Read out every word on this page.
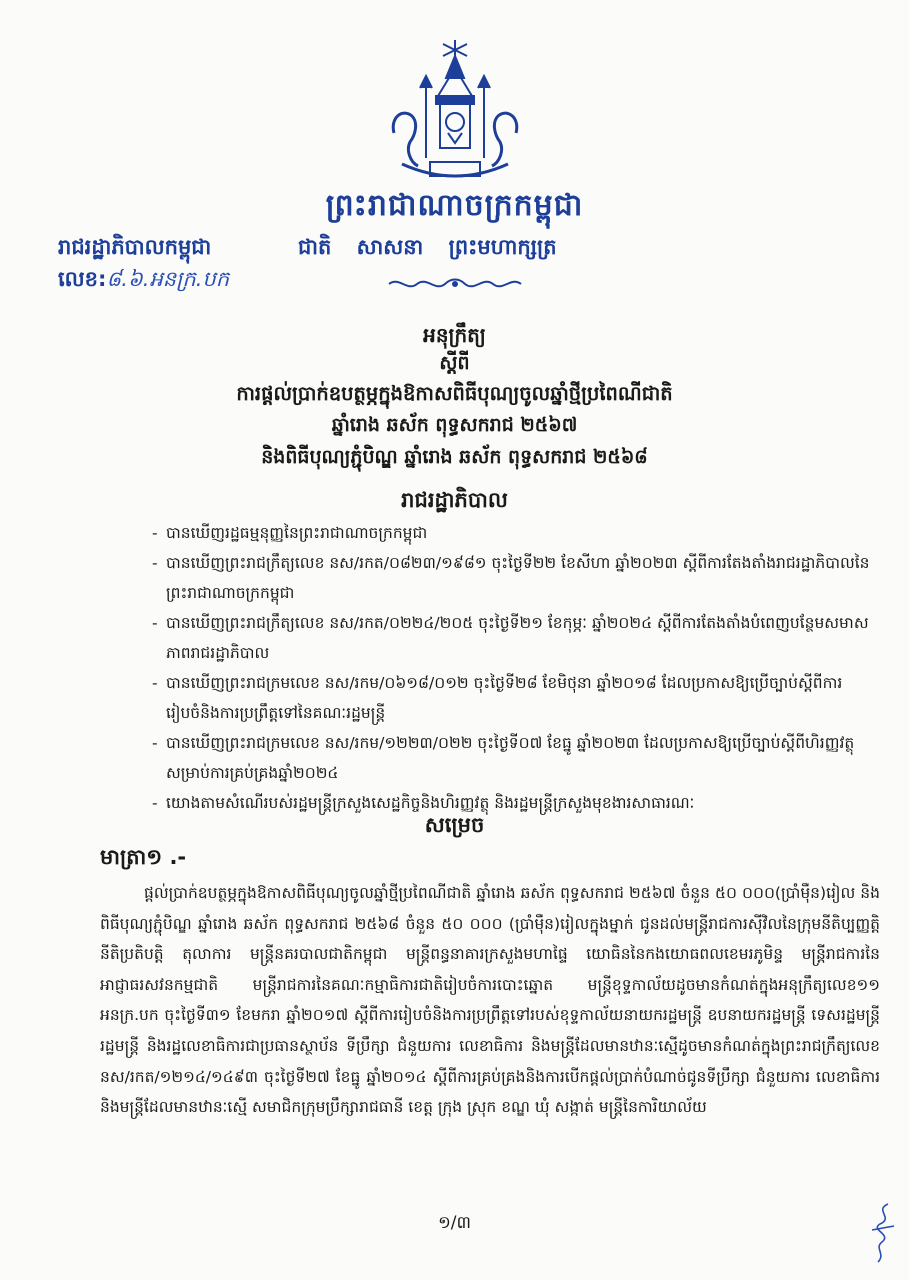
ព្រះរាជាណាចក្រកម្ពុជា
រាជរដ្ឋាភិបាលកម្ពុជា	ជាតិ សាសនា ព្រះមហាក្សត្រ
លេខ:៨.៦.អនក្រ.បក
អនុក្រឹត្យ
ស្តីពី
ការផ្តល់ប្រាក់ឧបត្ថម្ភក្នុងឱកាសពិធីបុណ្យចូលឆ្នាំថ្មីប្រពៃណីជាតិ
ឆ្នាំរោង ឆស័ក ពុទ្ធសករាជ ២៥៦៧
និងពិធីបុណ្យភ្ជុំបិណ្ឌ ឆ្នាំរោង ឆស័ក ពុទ្ធសករាជ ២៥៦៨
រាជរដ្ឋាភិបាល
- បានឃើញរដ្ឋធម្មនុញ្ញនៃព្រះរាជាណាចក្រកម្ពុជា
- បានឃើញព្រះរាជក្រឹត្យលេខ នស/រកត/០៨២៣/១៩៨១ ចុះថ្ងៃទី២២ ខែសីហា ឆ្នាំ២០២៣ ស្តីពីការតែងតាំងរាជរដ្ឋាភិបាលនៃព្រះរាជាណាចក្រកម្ពុជា
- បានឃើញព្រះរាជក្រឹត្យលេខ នស/រកត/០២២៤/២០៥ ចុះថ្ងៃទី២១ ខែកុម្ភៈ ឆ្នាំ២០២៤ ស្តីពីការតែងតាំងបំពេញបន្ថែមសមាសភាពរាជរដ្ឋាភិបាល
- បានឃើញព្រះរាជក្រមលេខ នស/រកម/០៦១៨/០១២ ចុះថ្ងៃទី២៨ ខែមិថុនា ឆ្នាំ២០១៨ ដែលប្រកាសឱ្យប្រើច្បាប់ស្តីពីការរៀបចំនិងការប្រព្រឹត្តទៅនៃគណៈរដ្ឋមន្ត្រី
- បានឃើញព្រះរាជក្រមលេខ នស/រកម/១២២៣/០២២ ចុះថ្ងៃទី០៧ ខែធ្នូ ឆ្នាំ២០២៣ ដែលប្រកាសឱ្យប្រើច្បាប់ស្តីពីហិរញ្ញវត្ថុសម្រាប់ការគ្រប់គ្រងឆ្នាំ២០២៤
- យោងតាមសំណើរបស់រដ្ឋមន្ត្រីក្រសួងសេដ្ឋកិច្ចនិងហិរញ្ញវត្ថុ និងរដ្ឋមន្ត្រីក្រសួងមុខងារសាធារណៈ
សម្រេច
មាត្រា១ .-
ផ្តល់ប្រាក់ឧបត្ថម្ភក្នុងឱកាសពិធីបុណ្យចូលឆ្នាំថ្មីប្រពៃណីជាតិ ឆ្នាំរោង ឆស័ក ពុទ្ធសករាជ ២៥៦៧ ចំនួន ៥០ ០០០(ប្រាំម៉ឺន)រៀល និងពិធីបុណ្យភ្ជុំបិណ្ឌ ឆ្នាំរោង ឆស័ក ពុទ្ធសករាជ ២៥៦៨ ចំនួន ៥០ ០០០ (ប្រាំម៉ឺន)រៀលក្នុងម្នាក់ ជូនដល់មន្ត្រីរាជការស៊ីវិលនៃក្រុមនីតិប្បញ្ញត្តិ នីតិប្រតិបត្តិ តុលាការ មន្ត្រីនគរបាលជាតិកម្ពុជា មន្ត្រីពន្ធនាគារក្រសួងមហាផ្ទៃ យោធិននៃកងយោធពលខេមរភូមិន្ទ មន្ត្រីរាជការនៃអាជ្ញាធរសវនកម្មជាតិ មន្ត្រីរាជការនៃគណៈកម្មាធិការជាតិរៀបចំការបោះឆ្នោត មន្ត្រីខុទ្ទកាល័យដូចមានកំណត់ក្នុងអនុក្រឹត្យលេខ១១ អនក្រ.បក ចុះថ្ងៃទី៣១ ខែមករា ឆ្នាំ២០១៧ ស្តីពីការរៀបចំនិងការប្រព្រឹត្តទៅរបស់ខុទ្ទកាល័យនាយករដ្ឋមន្ត្រី ឧបនាយករដ្ឋមន្ត្រី ទេសរដ្ឋមន្ត្រី រដ្ឋមន្ត្រី និងរដ្ឋលេខាធិការជាប្រធានស្ថាប័ន ទីប្រឹក្សា ជំនួយការ លេខាធិការ និងមន្ត្រីដែលមានឋានៈស្មើដូចមានកំណត់ក្នុងព្រះរាជក្រឹត្យលេខ នស/រកត/១២១៤/១៤៩៣ ចុះថ្ងៃទី២៧ ខែធ្នូ ឆ្នាំ២០១៤ ស្តីពីការគ្រប់គ្រងនិងការបើកផ្តល់ប្រាក់បំណាច់ជូនទីប្រឹក្សា ជំនួយការ លេខាធិការ និងមន្ត្រីដែលមានឋានៈស្មើ សមាជិកក្រុមប្រឹក្សារាជធានី ខេត្ត ក្រុង ស្រុក ខណ្ឌ ឃុំ សង្កាត់ មន្ត្រីនៃការិយាល័យ
១/៣
